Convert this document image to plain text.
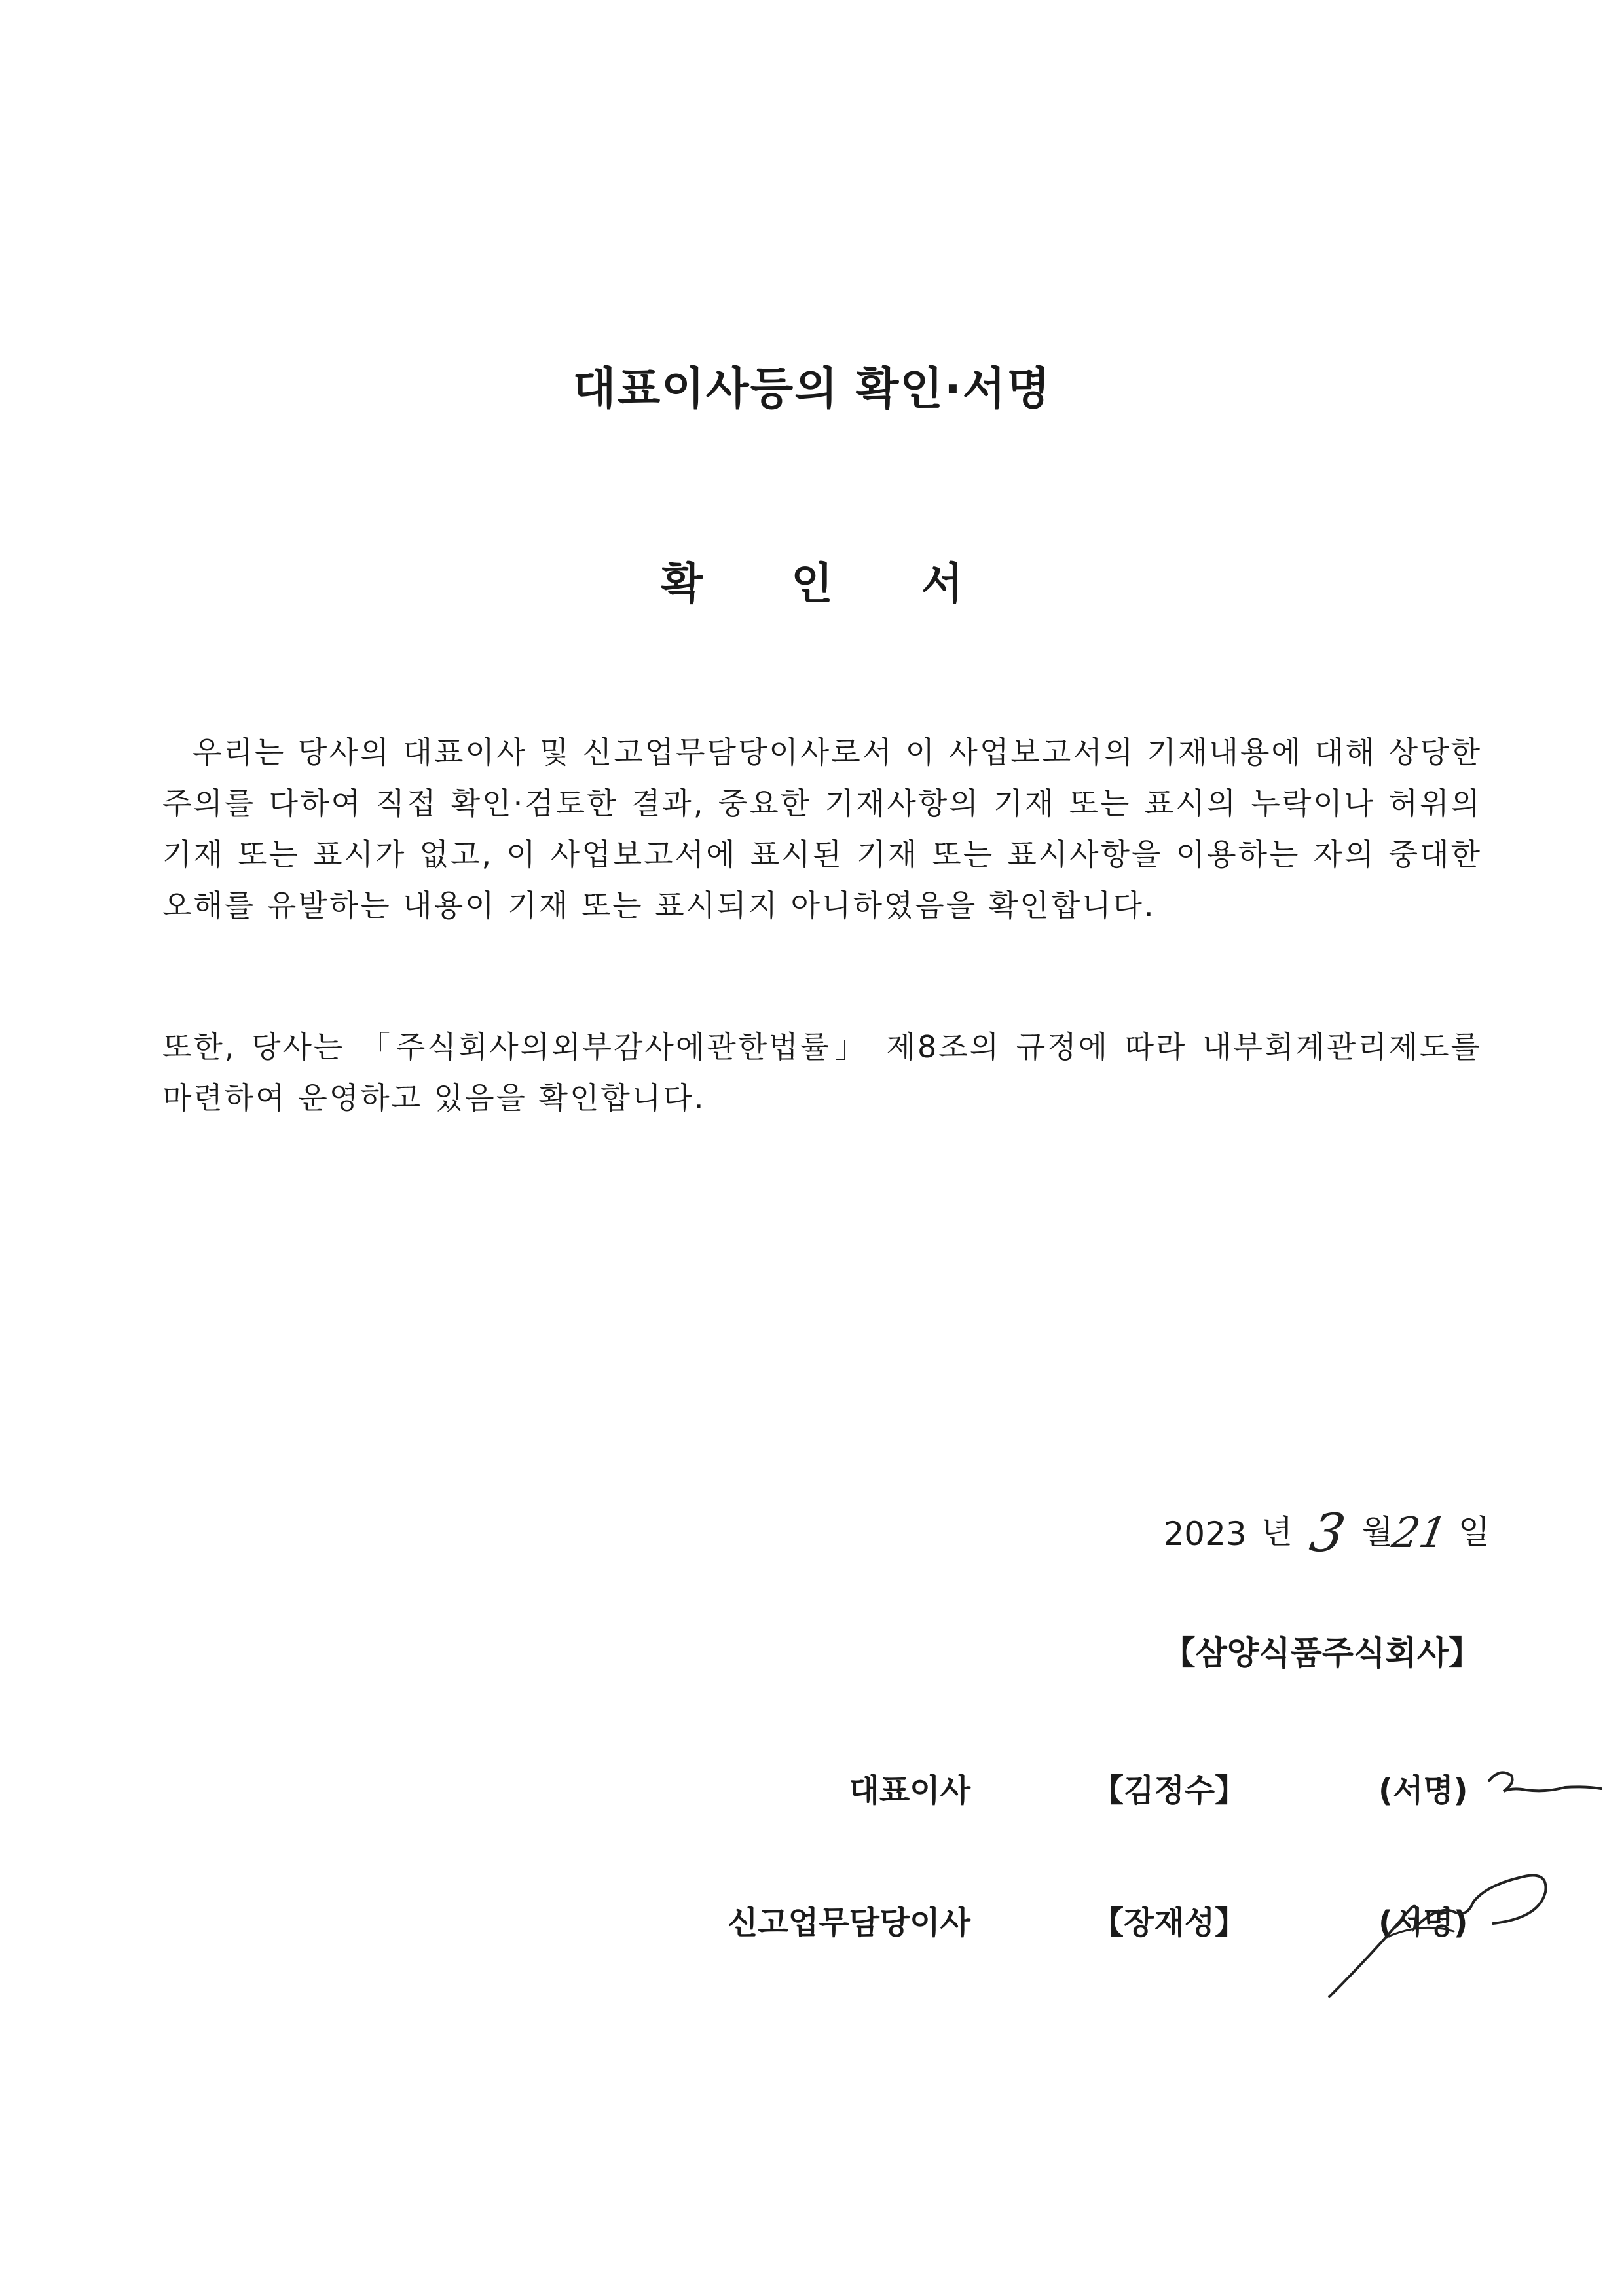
대표이사등의 확인·서명
확 인 서
우리는 당사의 대표이사 및 신고업무담당이사로서 이 사업보고서의 기재내용에 대해 상당한 주의를 다하여 직접 확인·검토한 결과, 중요한 기재사항의 기재 또는 표시의 누락이나 허위의 기재 또는 표시가 없고, 이 사업보고서에 표시된 기재 또는 표시사항을 이용하는 자의 중대한 오해를 유발하는 내용이 기재 또는 표시되지 아니하였음을 확인합니다.
또한, 당사는 「주식회사의외부감사에관한법률」 제8조의 규정에 따라 내부회계관리제도를 마련하여 운영하고 있음을 확인합니다.
2023 년 3 월
21 일
【삼양식품주식회사】
대표이사	【김정수】	(서명)
신고업무담당이사	【장재성】	(서명)
